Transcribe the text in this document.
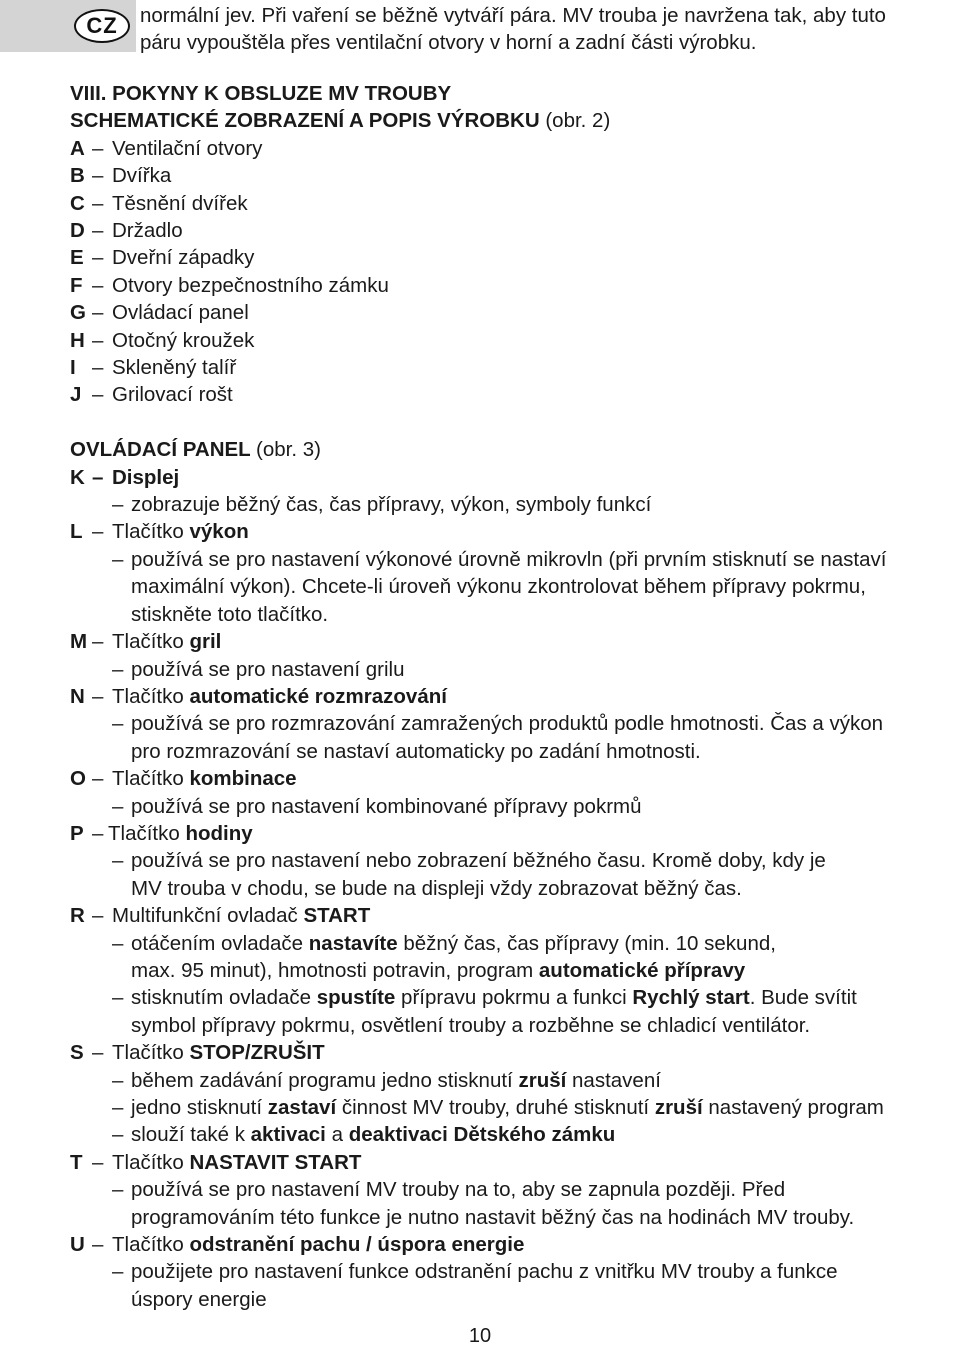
CZ	normální jev. Při vaření se běžně vytváří pára. MV trouba je navržena tak, aby tuto
páru vypouštěla přes ventilační otvory v horní a zadní části výrobku.
VIII. POKYNY K OBSLUZE MV TROUBY
SCHEMATICKÉ ZOBRAZENÍ A POPIS VÝROBKU (obr. 2)
A – Ventilační otvory
B – Dvířka
C – Těsnění dvířek
D – Držadlo
E – Dveřní západky
F – Otvory bezpečnostního zámku
G – Ovládací panel
H – Otočný kroužek
I – Skleněný talíř
J – Grilovací rošt
OVLÁDACÍ PANEL (obr. 3)
K – Displej
– zobrazuje běžný čas, čas přípravy, výkon, symboly funkcí
L – Tlačítko
výkon
– používá se pro nastavení výkonové úrovně mikrovln (při prvním stisknutí se nastaví
maximální výkon). Chcete-li úroveň výkonu zkontrolovat během přípravy pokrmu,
stiskněte toto tlačítko.
M – Tlačítko
gril
– používá se pro nastavení grilu
N – Tlačítko
automatické rozmrazování
– používá se pro rozmrazování zamražených produktů podle hmotnosti. Čas a výkon
pro rozmrazování se nastaví automaticky po zadání hmotnosti.
O – Tlačítko
kombinace
– používá se pro nastavení kombinované přípravy pokrmů
P – Tlačítko
hodiny
– používá se pro nastavení nebo zobrazení běžného času. Kromě doby, kdy je
MV trouba v chodu, se bude na displeji vždy zobrazovat běžný čas.
R – Multifunkční ovladač
START
– otáčením ovladače nastavíte běžný čas, čas přípravy (min. 10 sekund,
max. 95 minut), hmotnosti potravin, program automatické přípravy
– stisknutím ovladače spustíte přípravu pokrmu a funkci Rychlý start. Bude svítit
symbol přípravy pokrmu, osvětlení trouby a rozběhne se chladicí ventilátor.
S – Tlačítko
STOP/ZRUŠIT
– během zadávání programu jedno stisknutí zruší nastavení
– jedno stisknutí zastaví činnost MV trouby, druhé stisknutí zruší nastavený program
– slouží také k aktivaci a deaktivaci Dětského zámku
T – Tlačítko
NASTAVIT START
– používá se pro nastavení MV trouby na to, aby se zapnula později. Před
programováním této funkce je nutno nastavit běžný čas na hodinách MV trouby.
U – Tlačítko
odstranění pachu / úspora energie
– použijete pro nastavení funkce odstranění pachu z vnitřku MV trouby a funkce
úspory energie
10
